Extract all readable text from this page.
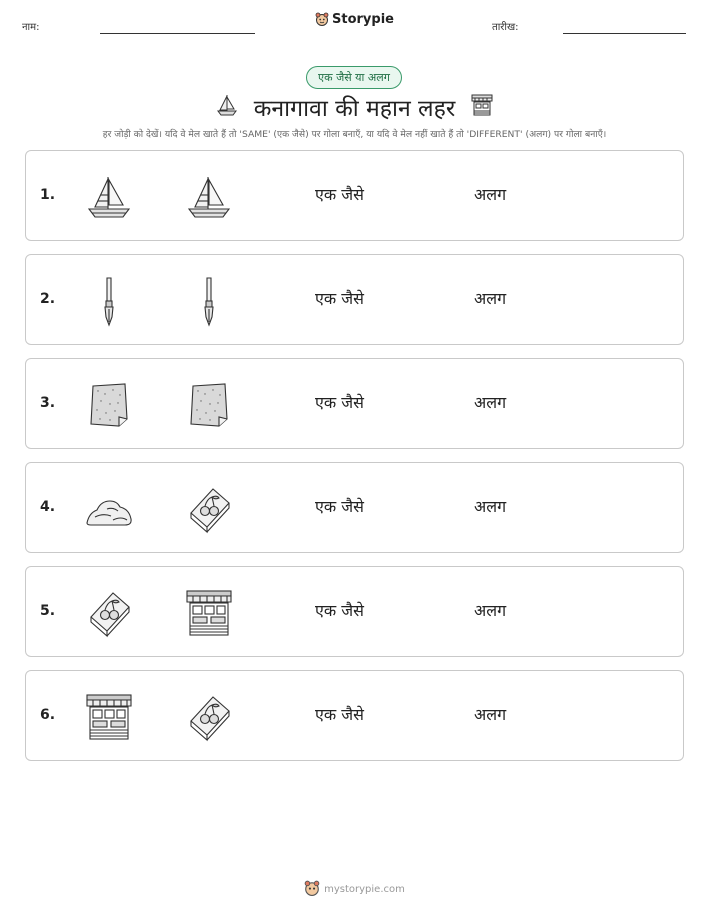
नाम:
Storypie
तारीख:
एक जैसे या अलग
कनागावा की महान लहर
हर जोड़ी को देखें। यदि वे मेल खाते हैं तो 'SAME' (एक जैसे) पर गोला बनाएँ, या यदि वे मेल नहीं खाते हैं तो 'DIFFERENT' (अलग) पर गोला बनाएँ।
1.	एक जैसे	अलग
2.	एक जैसे	अलग
3.	एक जैसे	अलग
4.	एक जैसे	अलग
5.	एक जैसे	अलग
6.	एक जैसे	अलग
mystorypie.com
